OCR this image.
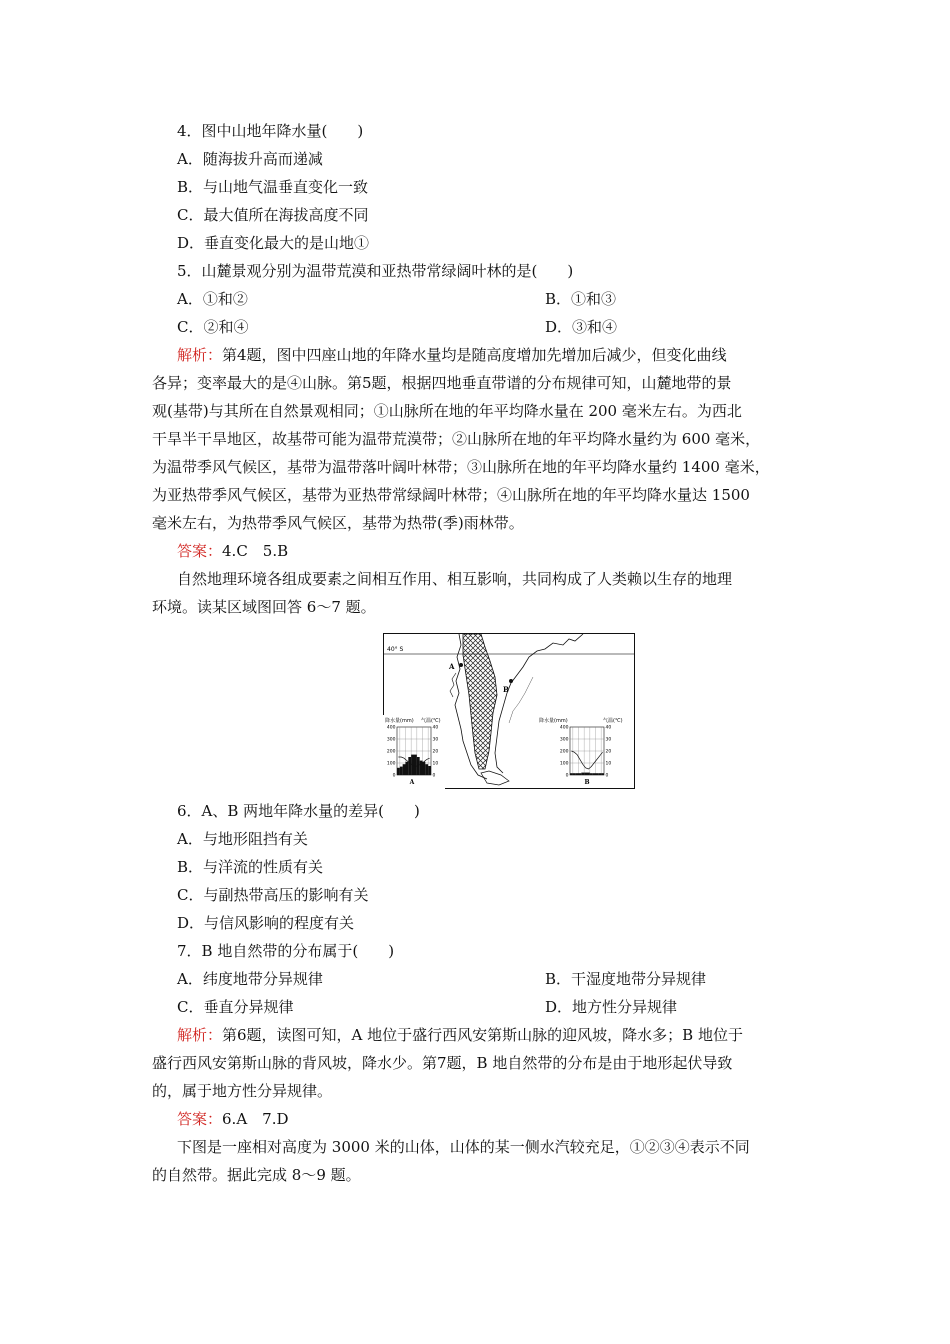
4．图中山地年降水量(　　)
A．随海拔升高而递减
B．与山地气温垂直变化一致
C．最大值所在海拔高度不同
D．垂直变化最大的是山地①
5．山麓景观分别为温带荒漠和亚热带常绿阔叶林的是(　　)
A．①和②	B．①和③
C．②和④	D．③和④
解析：第4题，图中四座山地的年降水量均是随高度增加先增加后减少，但变化曲线
各异；变率最大的是④山脉。第5题，根据四地垂直带谱的分布规律可知，山麓地带的景
观(基带)与其所在自然景观相同；①山脉所在地的年平均降水量在 200 毫米左右。为西北
干旱半干旱地区，故基带可能为温带荒漠带；②山脉所在地的年平均降水量约为 600 毫米，
为温带季风气候区，基带为温带落叶阔叶林带；③山脉所在地的年平均降水量约 1400 毫米，
为亚热带季风气候区，基带为亚热带常绿阔叶林带；④山脉所在地的年平均降水量达 1500
毫米左右，为热带季风气候区，基带为热带(季)雨林带。
答案：4.C　5.B
自然地理环境各组成要素之间相互作用、相互影响，共同构成了人类赖以生存的地理
环境。读某区域图回答 6～7 题。
40° S
A
B
降水量(mm) 气温(℃)
400
300
200
100
0
40
30
20
10
0
A
降水量(mm)	气温(℃)
400
300
200
100
0
40
30
20
10
0
B
6．A、B 两地年降水量的差异(　　)
A．与地形阻挡有关
B．与洋流的性质有关
C．与副热带高压的影响有关
D．与信风影响的程度有关
7．B 地自然带的分布属于(　　)
A．纬度地带分异规律	B．干湿度地带分异规律
C．垂直分异规律	D．地方性分异规律
解析：第6题，读图可知，A 地位于盛行西风安第斯山脉的迎风坡，降水多；B 地位于
盛行西风安第斯山脉的背风坡，降水少。第7题，B 地自然带的分布是由于地形起伏导致
的，属于地方性分异规律。
答案：6.A　7.D
下图是一座相对高度为 3000 米的山体，山体的某一侧水汽较充足，①②③④表示不同
的自然带。据此完成 8～9 题。
